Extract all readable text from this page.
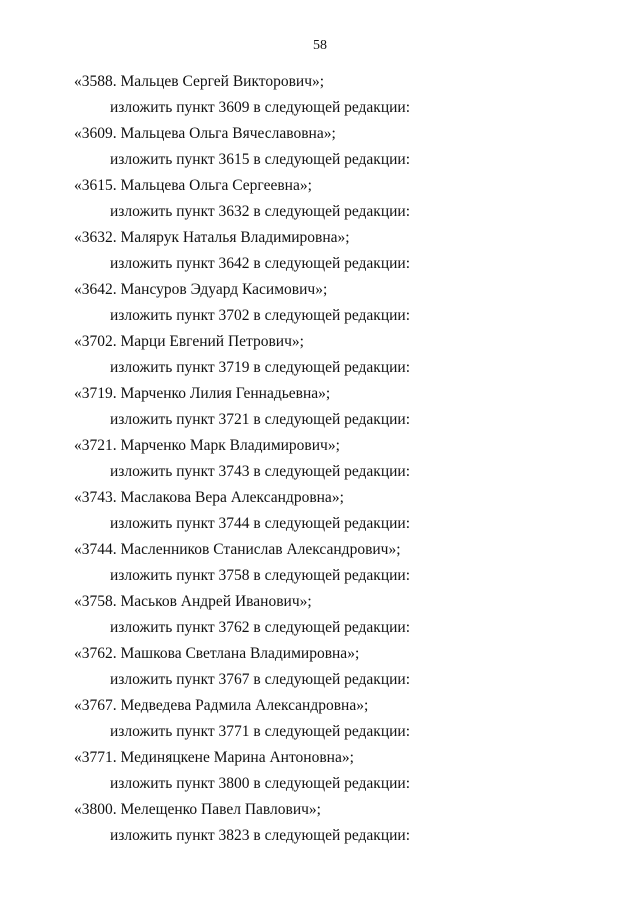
58
«3588. Мальцев Сергей Викторович»;
изложить пункт 3609 в следующей редакции:
«3609. Мальцева Ольга Вячеславовна»;
изложить пункт 3615 в следующей редакции:
«3615. Мальцева Ольга Сергеевна»;
изложить пункт 3632 в следующей редакции:
«3632. Малярук Наталья Владимировна»;
изложить пункт 3642 в следующей редакции:
«3642. Мансуров Эдуард Касимович»;
изложить пункт 3702 в следующей редакции:
«3702. Марци Евгений Петрович»;
изложить пункт 3719 в следующей редакции:
«3719. Марченко Лилия Геннадьевна»;
изложить пункт 3721 в следующей редакции:
«3721. Марченко Марк Владимирович»;
изложить пункт 3743 в следующей редакции:
«3743. Маслакова Вера Александровна»;
изложить пункт 3744 в следующей редакции:
«3744. Масленников Станислав Александрович»;
изложить пункт 3758 в следующей редакции:
«3758. Маськов Андрей Иванович»;
изложить пункт 3762 в следующей редакции:
«3762. Машкова Светлана Владимировна»;
изложить пункт 3767 в следующей редакции:
«3767. Медведева Радмила Александровна»;
изложить пункт 3771 в следующей редакции:
«3771. Мединяцкене Марина Антоновна»;
изложить пункт 3800 в следующей редакции:
«3800. Мелещенко Павел Павлович»;
изложить пункт 3823 в следующей редакции:
